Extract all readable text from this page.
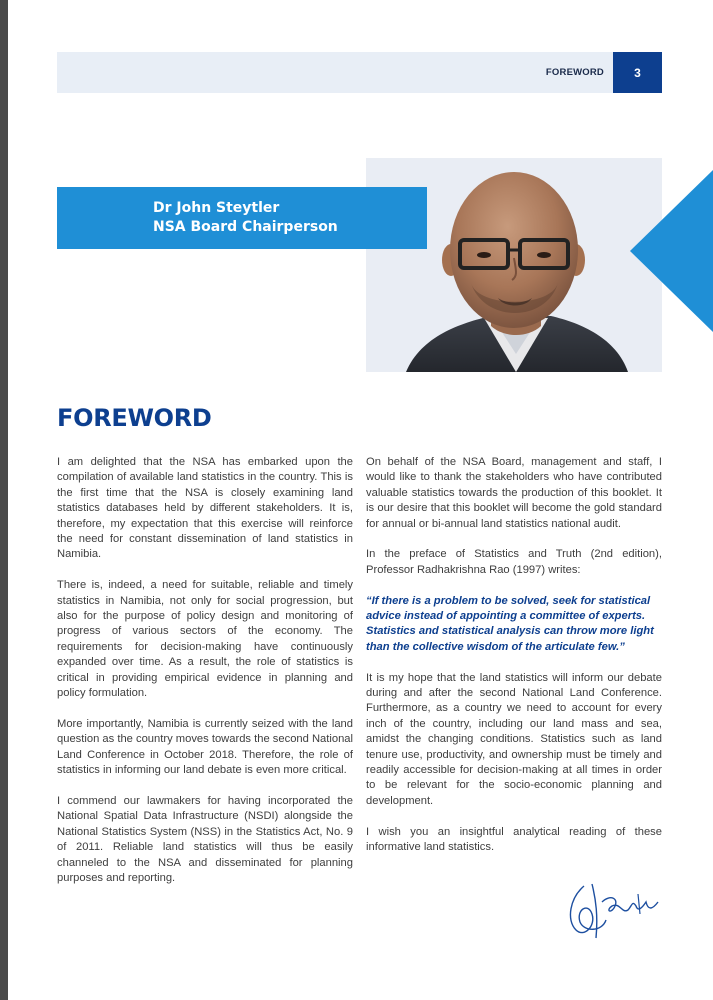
FOREWORD	3
Dr John Steytler
NSA Board Chairperson
FOREWORD

I am delighted that the NSA has embarked upon the compilation of available land statistics in the country. This is the first time that the NSA is closely examining land statistics databases held by different stakeholders. It is, therefore, my expectation that this exercise will reinforce the need for constant dissemination of land statistics in Namibia.

There is, indeed, a need for suitable, reliable and timely statistics in Namibia, not only for social progression, but also for the purpose of policy design and monitoring of progress of various sectors of the economy. The requirements for decision-making have continuously expanded over time. As a result, the role of statistics is critical in providing empirical evidence in planning and policy formulation.

More importantly, Namibia is currently seized with the land question as the country moves towards the second National Land Conference in October 2018. Therefore, the role of statistics in informing our land debate is even more critical.

I commend our lawmakers for having incorporated the National Spatial Data Infrastructure (NSDI) alongside the National Statistics System (NSS) in the Statistics Act, No. 9 of 2011. Reliable land statistics will thus be easily channeled to the NSA and disseminated for planning purposes and reporting.

On behalf of the NSA Board, management and staff, I would like to thank the stakeholders who have contributed valuable statistics towards the production of this booklet. It is our desire that this booklet will become the gold standard for annual or bi-annual land statistics national audit.

In the preface of Statistics and Truth (2nd edition), Professor Radhakrishna Rao (1997) writes:

“If there is a problem to be solved, seek for statistical advice instead of appointing a committee of experts. Statistics and statistical analysis can throw more light than the collective wisdom of the articulate few.”

It is my hope that the land statistics will inform our debate during and after the second National Land Conference. Furthermore, as a country we need to account for every inch of the country, including our land mass and sea, amidst the changing conditions. Statistics such as land tenure use, productivity, and ownership must be timely and readily accessible for decision-making at all times in order to be relevant for the socio-economic planning and development.

I wish you an insightful analytical reading of these informative land statistics.
